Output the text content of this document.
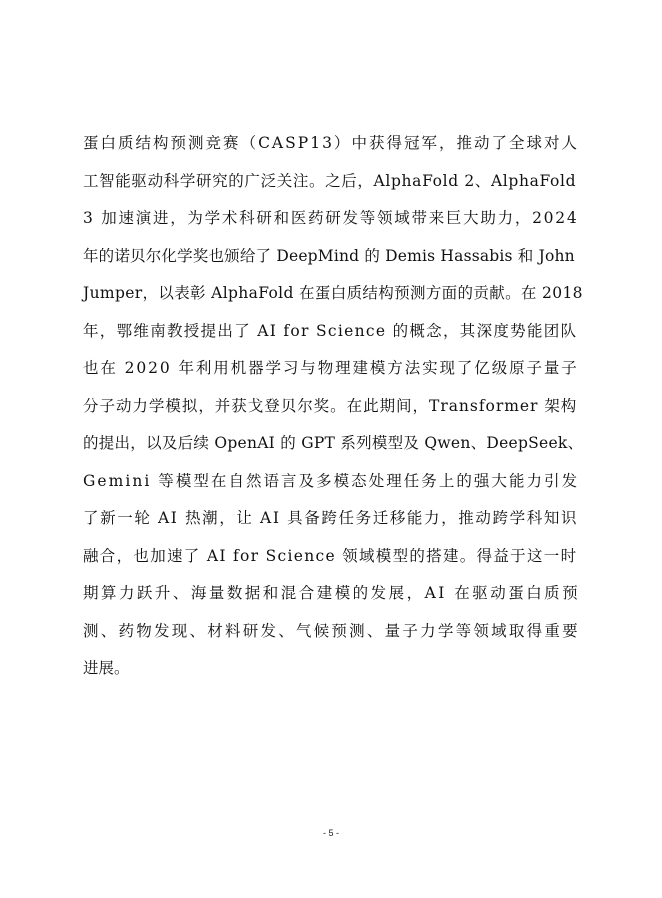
蛋白质结构预测竞赛（CASP13）中获得冠军，推动了全球对人
工智能驱动科学研究的广泛关注。之后，AlphaFold 2、AlphaFold
3 加速演进，为学术科研和医药研发等领域带来巨大助力，2024
年的诺贝尔化学奖也颁给了 DeepMind 的 Demis Hassabis 和 John
Jumper，以表彰 AlphaFold 在蛋白质结构预测方面的贡献。在 2018
年，鄂维南教授提出了 AI for Science 的概念，其深度势能团队
也在 2020 年利用机器学习与物理建模方法实现了亿级原子量子
分子动力学模拟，并获戈登贝尔奖。在此期间，Transformer 架构
的提出，以及后续 OpenAI 的 GPT 系列模型及 Qwen、DeepSeek、
Gemini 等模型在自然语言及多模态处理任务上的强大能力引发
了新一轮 AI 热潮，让 AI 具备跨任务迁移能力，推动跨学科知识
融合，也加速了 AI for Science 领域模型的搭建。得益于这一时
期算力跃升、海量数据和混合建模的发展，AI 在驱动蛋白质预
测、药物发现、材料研发、气候预测、量子力学等领域取得重要
进展。
- 5 -
